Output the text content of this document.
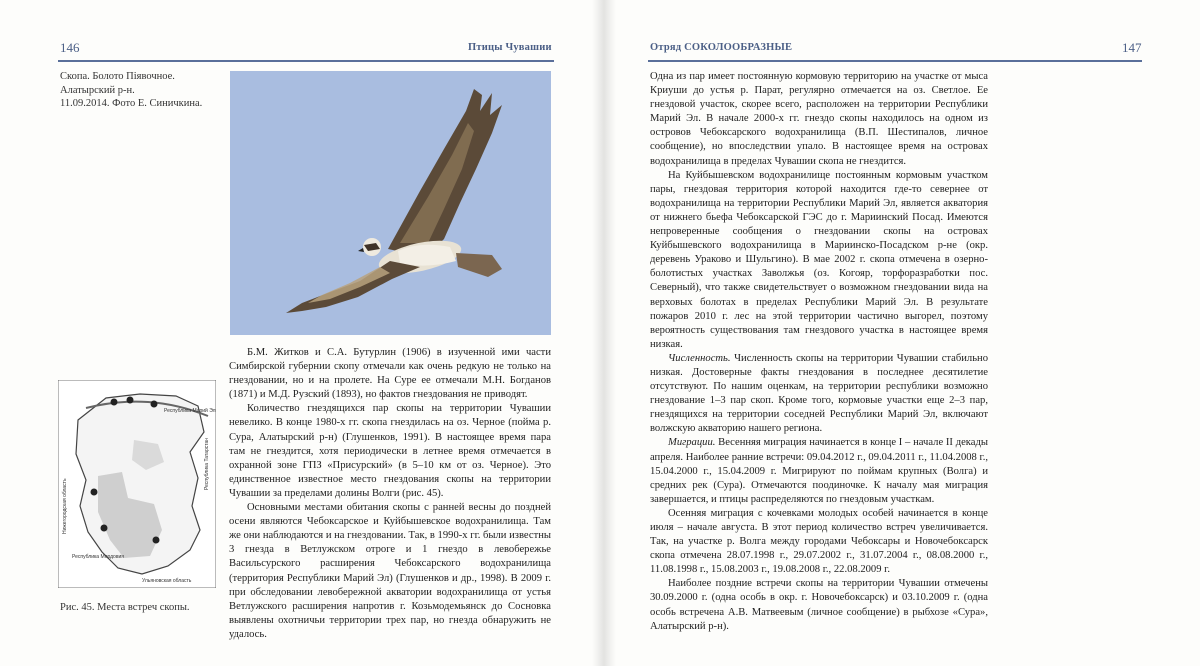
146	Птицы Чувашии
Скопа. Болото Піявочное.
Алатырский р-н.
11.09.2014. Фото Е. Синичкина.
Республика Марий Эл
Нижегородская область
Республика Татарстан
Республика Мордовия
Ульяновская область
Рис. 45. Места встреч скопы.

Б.М. Житков и С.А. Бутурлин (1906) в изученной ими части Симбирской губернии скопу отмечали как очень редкую не только на гнездовании, но и на пролете. На Суре ее отмечали М.Н. Богданов (1871) и М.Д. Рузский (1893), но фактов гнездования не приводят.

Количество гнездящихся пар скопы на территории Чувашии невелико. В конце 1980-х гг. скопа гнездилась на оз. Черное (пойма р. Сура, Алатырский р-н) (Глушенков, 1991). В настоящее время пара там не гнездится, хотя периодически в летнее время отмечается в охранной зоне ГПЗ «Присурский» (в 5–10 км от оз. Черное). Это единственное известное место гнездования скопы на территории Чувашии за пределами долины Волги (рис. 45).

Основными местами обитания скопы с ранней весны до поздней осени являются Чебоксарское и Куйбышевское водохранилища. Там же они наблюдаются и на гнездовании. Так, в 1990-х гг. были известны 3 гнезда в Ветлужском отроге и 1 гнездо в левобережье Васильсурского расширения Чебоксарского водохранилища (территория Республики Марий Эл) (Глушенков и др., 1998). В 2009 г. при обследовании левобережной акватории водохранилища от устья Ветлужского расширения напротив г. Козьмодемьянск до Сосновка выявлены охотничьи территории трех пар, но гнезда обнаружить не удалось.

Отряд СОКОЛООБРАЗНЫЕ	147

Одна из пар имеет постоянную кормовую территорию на участке от мыса Криуши до устья р. Парат, регулярно отмечается на оз. Светлое. Ее гнездовой участок, скорее всего, расположен на территории Республики Марий Эл. В начале 2000-х гг. гнездо скопы находилось на одном из островов Чебоксарского водохранилища (В.П. Шестипалов, личное сообщение), но впоследствии упало. В настоящее время на островах водохранилища в пределах Чувашии скопа не гнездится.

На Куйбышевском водохранилище постоянным кормовым участком пары, гнездовая территория которой находится где-то севернее от водохранилища на территории Республики Марий Эл, является акватория от нижнего бьефа Чебоксарской ГЭС до г. Мариинский Посад. Имеются непроверенные сообщения о гнездовании скопы на островах Куйбышевского водохранилища в Мариинско-Посадском р-не (окр. деревень Ураково и Шульгино). В мае 2002 г. скопа отмечена в озерно-болотистых участках Заволжья (оз. Когояр, торфоразработки пос. Северный), что также свидетельствует о возможном гнездовании вида на верховых болотах в пределах Республики Марий Эл. В результате пожаров 2010 г. лес на этой территории частично выгорел, поэтому вероятность существования там гнездового участка в настоящее время низкая.

Численность. Численность скопы на территории Чувашии стабильно низкая. Достоверные факты гнездования в последнее десятилетие отсутствуют. По нашим оценкам, на территории республики возможно гнездование 1–3 пар скоп. Кроме того, кормовые участки еще 2–3 пар, гнездящихся на территории соседней Республики Марий Эл, включают волжскую акваторию нашего региона.

Миграции. Весенняя миграция начинается в конце I – начале II декады апреля. Наиболее ранние встречи: 09.04.2012 г., 09.04.2011 г., 11.04.2008 г., 15.04.2000 г., 15.04.2009 г. Мигрируют по поймам крупных (Волга) и средних рек (Сура). Отмечаются поодиночке. К началу мая миграция завершается, и птицы распределяются по гнездовым участкам.

Осенняя миграция с кочевками молодых особей начинается в конце июля – начале августа. В этот период количество встреч увеличивается. Так, на участке р. Волга между городами Чебоксары и Новочебоксарск скопа отмечена 28.07.1998 г., 29.07.2002 г., 31.07.2004 г., 08.08.2000 г., 11.08.1998 г., 15.08.2003 г., 19.08.2008 г., 22.08.2009 г.

Наиболее поздние встречи скопы на территории Чувашии отмечены 30.09.2000 г. (одна особь в окр. г. Новочебоксарск) и 03.10.2009 г. (одна особь встречена А.В. Матвеевым (личное сообщение) в рыбхозе «Сура», Алатырский р-н).
